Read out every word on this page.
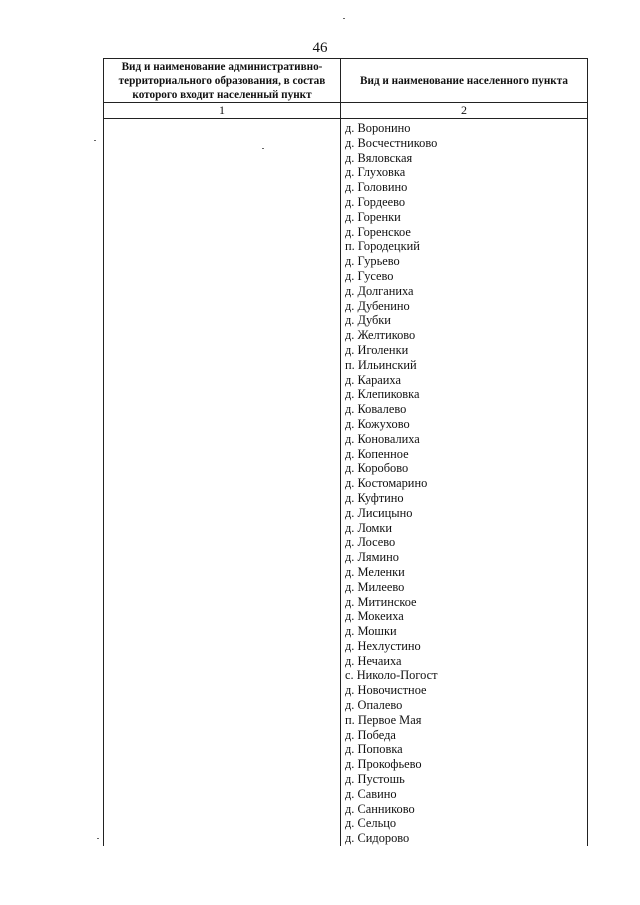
46
Вид и наименование административно-территориального образования, в состав которого входит населенный пункт
Вид и наименование населенного пункта
1	2
д. Воронино
д. Восчестниково
д. Вяловская
д. Глуховка
д. Головино
д. Гордеево
д. Горенки
д. Горенское
п. Городецкий
д. Гурьево
д. Гусево
д. Долганиха
д. Дубенино
д. Дубки
д. Желтиково
д. Иголенки
п. Ильинский
д. Караиха
д. Клепиковка
д. Ковалево
д. Кожухово
д. Коновалиха
д. Копенное
д. Коробово
д. Костомарино
д. Куфтино
д. Лисицыно
д. Ломки
д. Лосево
д. Лямино
д. Меленки
д. Милеево
д. Митинское
д. Мокеиха
д. Мошки
д. Нехлустино
д. Нечаиха
с. Николо-Погост
д. Новочистное
д. Опалево
п. Первое Мая
д. Победа
д. Поповка
д. Прокофьево
д. Пустошь
д. Савино
д. Санниково
д. Сельцо
д. Сидорово
